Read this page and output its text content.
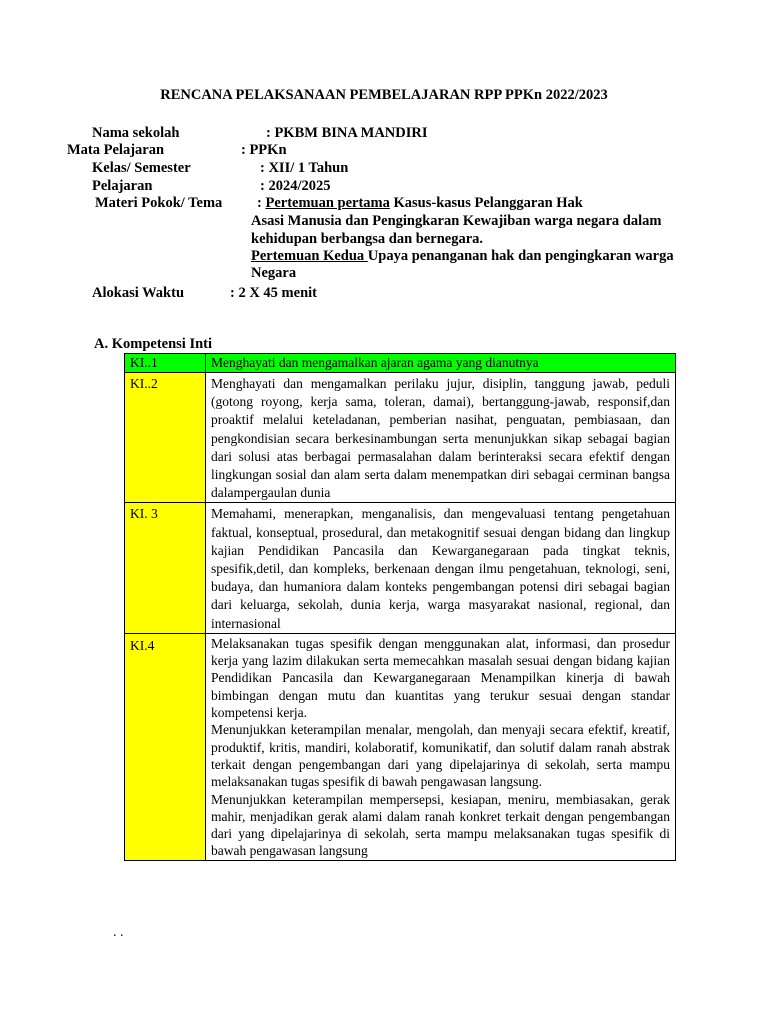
RENCANA PELAKSANAAN PEMBELAJARAN RPP PPKn 2022/2023
Nama sekolah	: PKBM BINA MANDIRI
Mata Pelajaran	: PPKn
Kelas/ Semester	: XII/ 1 Tahun
Pelajaran	: 2024/2025
Materi Pokok/ Tema : Pertemuan pertama Kasus-kasus Pelanggaran Hak
Asasi Manusia dan Pengingkaran Kewajiban warga negara dalam
kehidupan berbangsa dan bernegara.
Pertemuan Kedua Upaya penanganan hak dan pengingkaran warga
Negara
Alokasi Waktu	: 2 X 45 menit
A. Kompetensi Inti
KI..1	Menghayati dan mengamalkan ajaran agama yang dianutnya
KI..2	Menghayati dan mengamalkan perilaku jujur, disiplin, tanggung jawab, peduli (gotong royong, kerja sama, toleran, damai), bertanggung-jawab, responsif,dan proaktif melalui keteladanan, pemberian nasihat, penguatan, pembiasaan, dan pengkondisian secara berkesinambungan serta menunjukkan sikap sebagai bagian dari solusi atas berbagai permasalahan dalam berinteraksi secara efektif dengan lingkungan sosial dan alam serta dalam menempatkan diri sebagai cerminan bangsa dalampergaulan dunia
KI. 3	Memahami, menerapkan, menganalisis, dan mengevaluasi tentang pengetahuan faktual, konseptual, prosedural, dan metakognitif sesuai dengan bidang dan lingkup kajian Pendidikan Pancasila dan Kewarganegaraan pada tingkat teknis, spesifik,detil, dan kompleks, berkenaan dengan ilmu pengetahuan, teknologi, seni, budaya, dan humaniora dalam konteks pengembangan potensi diri sebagai bagian dari keluarga, sekolah, dunia kerja, warga masyarakat nasional, regional, dan internasional
KI.4	Melaksanakan tugas spesifik dengan menggunakan alat, informasi, dan prosedur kerja yang lazim dilakukan serta memecahkan masalah sesuai dengan bidang kajian Pendidikan Pancasila dan Kewarganegaraan Menampilkan kinerja di bawah bimbingan dengan mutu dan kuantitas yang terukur sesuai dengan standar kompetensi kerja.
Menunjukkan keterampilan menalar, mengolah, dan menyaji secara efektif, kreatif, produktif, kritis, mandiri, kolaboratif, komunikatif, dan solutif dalam ranah abstrak terkait dengan pengembangan dari yang dipelajarinya di sekolah, serta mampu melaksanakan tugas spesifik di bawah pengawasan langsung.
Menunjukkan keterampilan mempersepsi, kesiapan, meniru, membiasakan, gerak mahir, menjadikan gerak alami dalam ranah konkret terkait dengan pengembangan dari yang dipelajarinya di sekolah, serta mampu melaksanakan tugas spesifik di bawah pengawasan langsung
. .
